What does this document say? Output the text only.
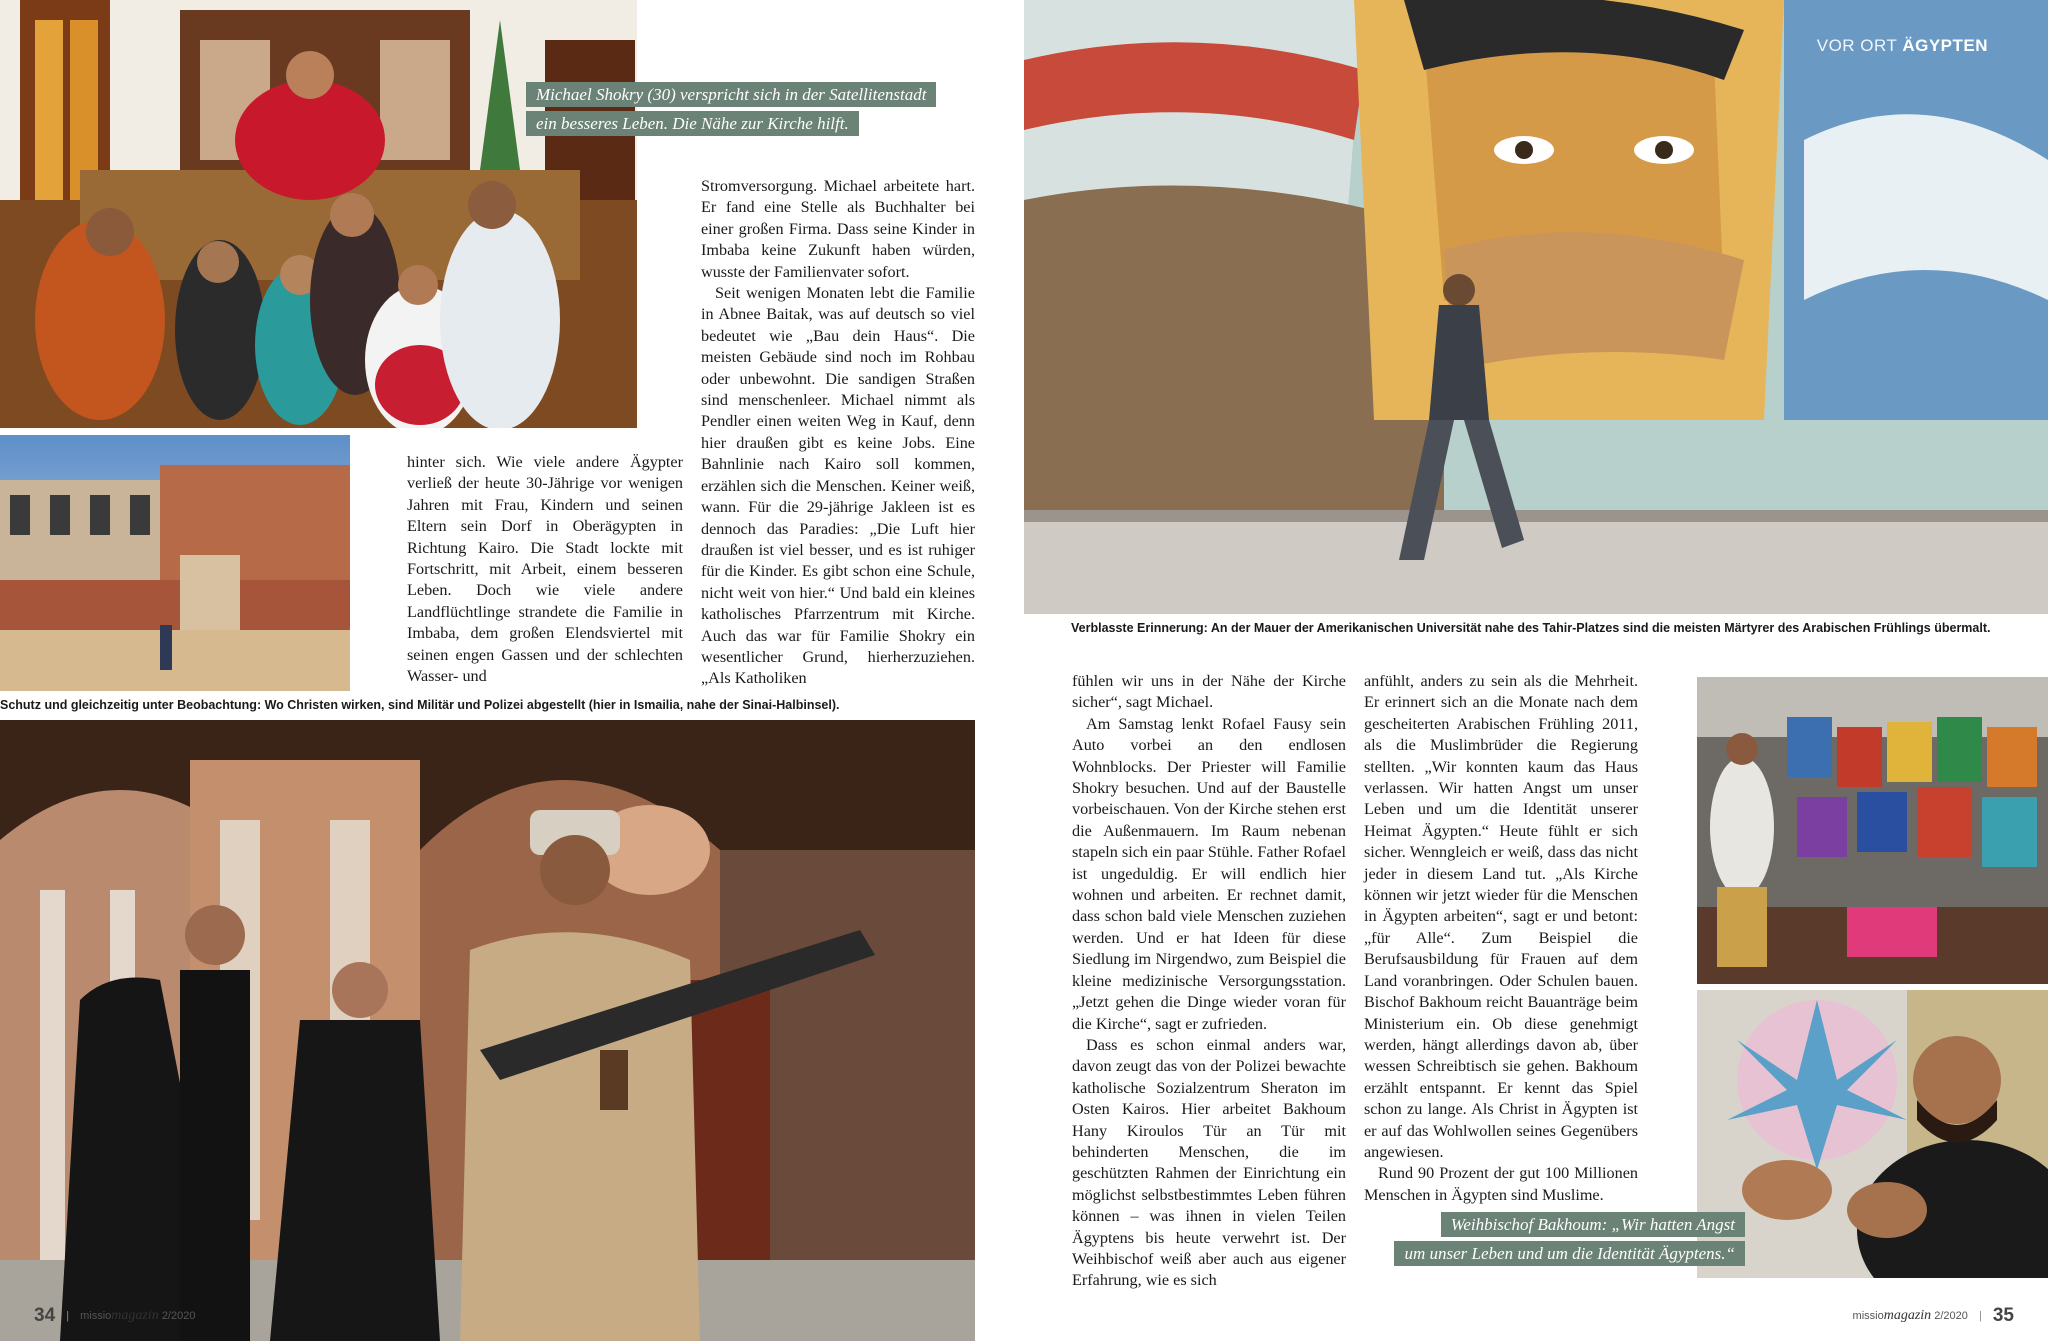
Michael Shokry (30) verspricht sich in der Satellitenstadt
ein besseres Leben. Die Nähe zur Kirche hilft.
Schutz und gleichzeitig unter Beobachtung: Wo Christen wirken, sind Militär und Polizei abgestellt (hier in Ismailia, nahe der Sinai-Halbinsel).

hinter sich. Wie viele andere Ägypter verließ der heute 30-Jährige vor wenigen Jahren mit Frau, Kindern und seinen Eltern sein Dorf in Oberägypten in Richtung Kairo. Die Stadt lockte mit Fortschritt, mit Arbeit, einem besseren Leben. Doch wie viele andere Landflüchtlinge strandete die Familie in Imbaba, dem großen Elendsviertel mit seinen engen Gassen und der schlechten Wasser- und

Stromversorgung. Michael arbeitete hart. Er fand eine Stelle als Buchhalter bei einer großen Firma. Dass seine Kinder in Imbaba keine Zukunft haben würden, wusste der Familienvater sofort.

Seit wenigen Monaten lebt die Familie in Abnee Baitak, was auf deutsch so viel bedeutet wie „Bau dein Haus“. Die meisten Gebäude sind noch im Rohbau oder unbewohnt. Die sandigen Straßen sind menschenleer. Michael nimmt als Pendler einen weiten Weg in Kauf, denn hier draußen gibt es keine Jobs. Eine Bahnlinie nach Kairo soll kommen, erzählen sich die Menschen. Keiner weiß, wann. Für die 29-jährige Jakleen ist es dennoch das Paradies: „Die Luft hier draußen ist viel besser, und es ist ruhiger für die Kinder. Es gibt schon eine Schule, nicht weit von hier.“ Und bald ein kleines katholisches Pfarrzentrum mit Kirche. Auch das war für Familie Shokry ein wesentlicher Grund, hierherzuziehen. „Als Katholiken

34 | missiomagazin 2/2020
VOR ORT ÄGYPTEN
Verblasste Erinnerung: An der Mauer der Amerikanischen Universität nahe des Tahir-Platzes sind die meisten Märtyrer des Arabischen Frühlings übermalt.

fühlen wir uns in der Nähe der Kirche sicher“, sagt Michael.

Am Samstag lenkt Rofael Fausy sein Auto vorbei an den endlosen Wohnblocks. Der Priester will Familie Shokry besuchen. Und auf der Baustelle vorbeischauen. Von der Kirche stehen erst die Außenmauern. Im Raum nebenan stapeln sich ein paar Stühle. Father Rofael ist ungeduldig. Er will endlich hier wohnen und arbeiten. Er rechnet damit, dass schon bald viele Menschen zuziehen werden. Und er hat Ideen für diese Siedlung im Nirgendwo, zum Beispiel die kleine medizinische Versorgungsstation. „Jetzt gehen die Dinge wieder voran für die Kirche“, sagt er zufrieden.

Dass es schon einmal anders war, davon zeugt das von der Polizei bewachte katholische Sozialzentrum Sheraton im Osten Kairos. Hier arbeitet Bakhoum Hany Kiroulos Tür an Tür mit behinderten Menschen, die im geschützten Rahmen der Einrichtung ein möglichst selbstbestimmtes Leben führen können – was ihnen in vielen Teilen Ägyptens bis heute verwehrt ist. Der Weihbischof weiß aber auch aus eigener Erfahrung, wie es sich

anfühlt, anders zu sein als die Mehrheit. Er erinnert sich an die Monate nach dem gescheiterten Arabischen Frühling 2011, als die Muslimbrüder die Regierung stellten. „Wir konnten kaum das Haus verlassen. Wir hatten Angst um unser Leben und um die Identität unserer Heimat Ägypten.“ Heute fühlt er sich sicher. Wenngleich er weiß, dass das nicht jeder in diesem Land tut. „Als Kirche können wir jetzt wieder für die Menschen in Ägypten arbeiten“, sagt er und betont: „für Alle“. Zum Beispiel die Berufsausbildung für Frauen auf dem Land voranbringen. Oder Schulen bauen. Bischof Bakhoum reicht Bauanträge beim Ministerium ein. Ob diese genehmigt werden, hängt allerdings davon ab, über wessen Schreibtisch sie gehen. Bakhoum erzählt entspannt. Er kennt das Spiel schon zu lange. Als Christ in Ägypten ist er auf das Wohlwollen seines Gegenübers angewiesen.

Rund 90 Prozent der gut 100 Millionen Menschen in Ägypten sind Muslime.

Weihbischof Bakhoum: „Wir hatten Angst
um unser Leben und um die Identität Ägyptens.“
missiomagazin 2/2020 | 35
